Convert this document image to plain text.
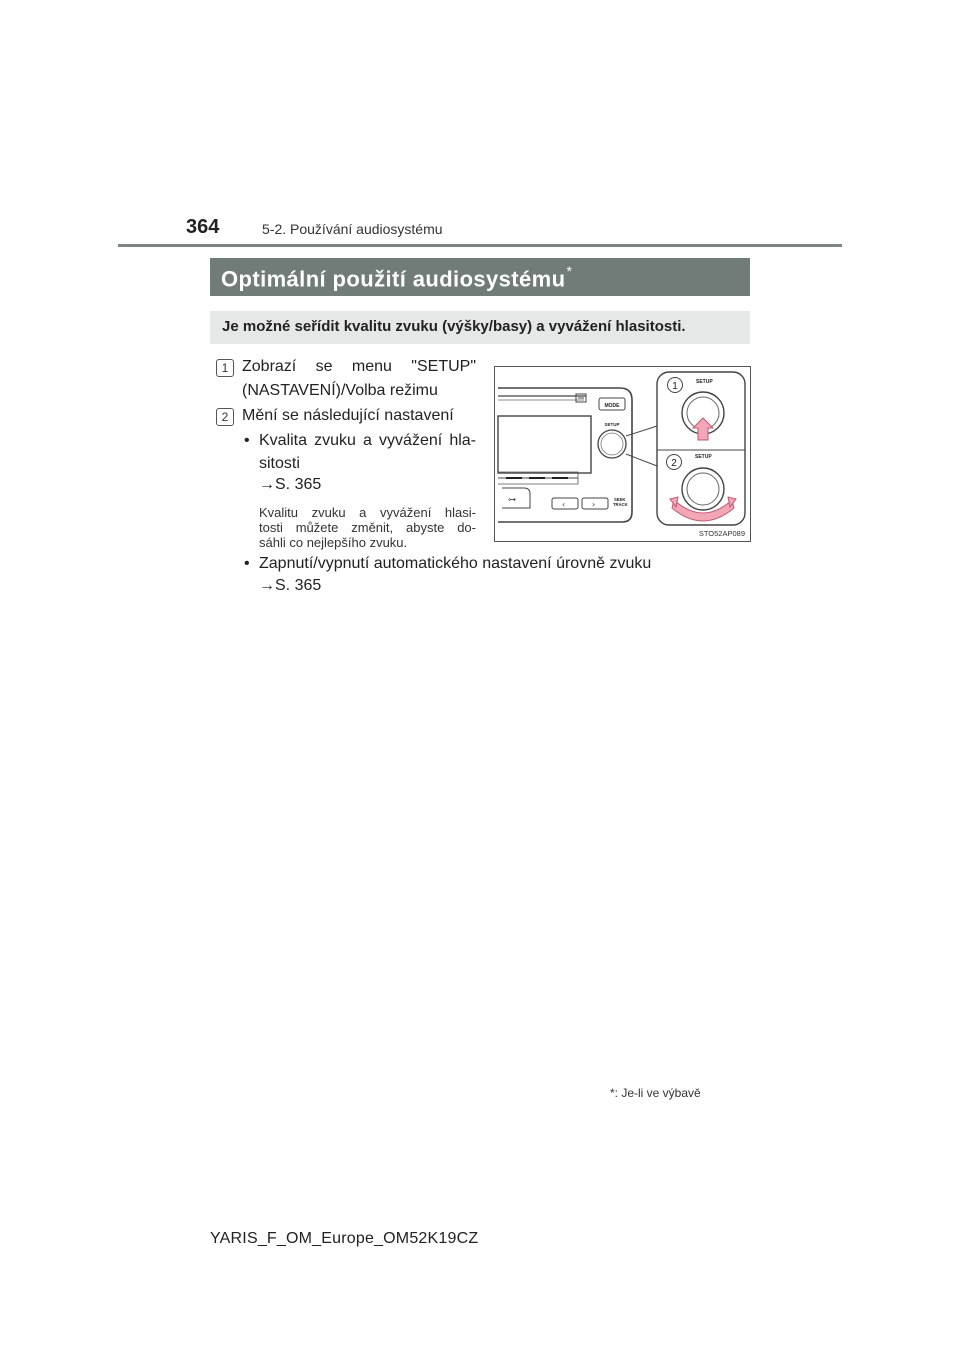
364	5-2. Používání audiosystému
Optimální použití audiosystému*
Je možné seřídit kvalitu zvuku (výšky/basy) a vyvážení hlasitosti.
1 Zobrazí se menu "SETUP"
(NASTAVENÍ)/Volba režimu
2 Mění se následující nastavení
• Kvalita zvuku a vyvážení hla-
sitosti
→S. 365
Kvalitu zvuku a vyvážení hlasi-
tosti můžete změnit, abyste do-
sáhli co nejlepšího zvuku.
• Zapnutí/vypnutí automatického nastavení úrovně zvuku
→S. 365
MODE
SETUP
⊶
‹	›
SEEK
TRACK
1	SETUP
2
SETUP
STO52AP089
*: Je-li ve výbavě
YARIS_F_OM_Europe_OM52K19CZ
